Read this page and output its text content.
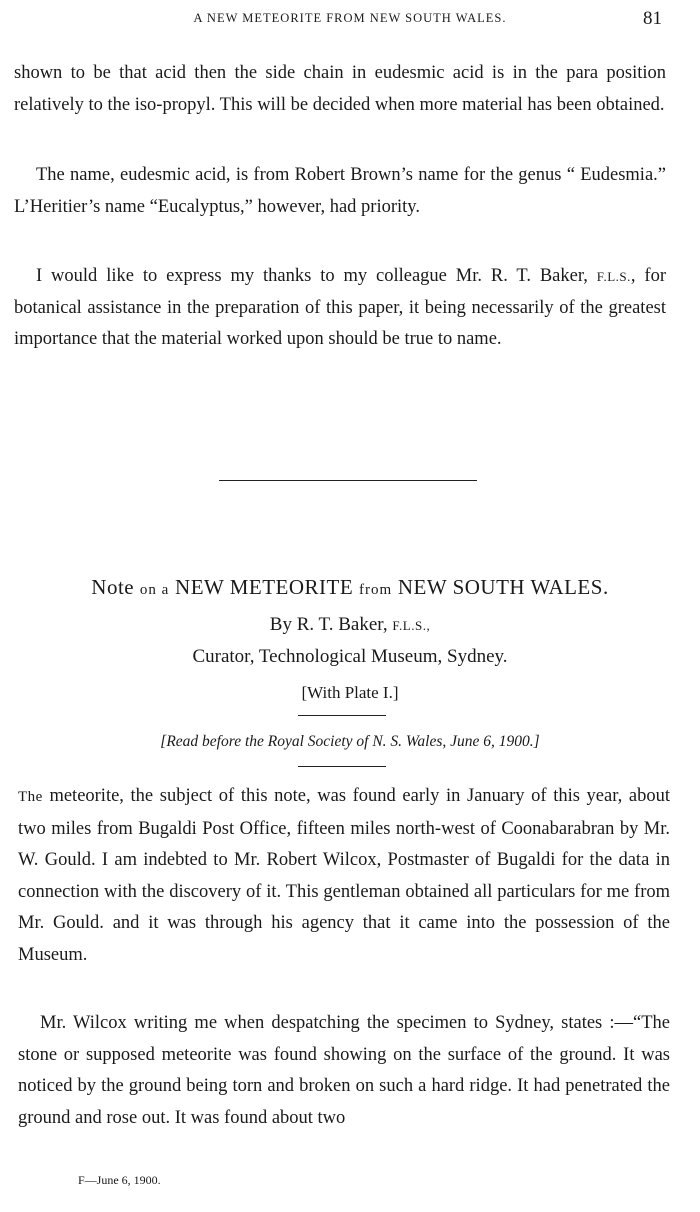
A NEW METEORITE FROM NEW SOUTH WALES.	81

shown to be that acid then the side chain in eudesmic acid is in the para position relatively to the iso-propyl. This will be decided when more material has been obtained.

The name, eudesmic acid, is from Robert Brown’s name for the genus “ Eudesmia.” L’Heritier’s name “Eucalyptus,” however, had priority.

I would like to express my thanks to my colleague Mr. R. T. Baker, F.L.S., for botanical assistance in the preparation of this paper, it being necessarily of the greatest importance that the material worked upon should be true to name.

Note on a NEW METEORITE from NEW SOUTH WALES.

By R. T. Baker, F.L.S.,

Curator, Technological Museum, Sydney.

[With Plate I.]

[Read before the Royal Society of N. S. Wales, June 6, 1900.]

The meteorite, the subject of this note, was found early in January of this year, about two miles from Bugaldi Post Office, fifteen miles north-west of Coonabarabran by Mr. W. Gould. I am indebted to Mr. Robert Wilcox, Postmaster of Bugaldi for the data in connection with the discovery of it. This gentleman obtained all particulars for me from Mr. Gould. and it was through his agency that it came into the possession of the Museum.

Mr. Wilcox writing me when despatching the specimen to Sydney, states :—“The stone or supposed meteorite was found showing on the surface of the ground. It was noticed by the ground being torn and broken on such a hard ridge. It had penetrated the ground and rose out. It was found about two

F—June 6, 1900.
